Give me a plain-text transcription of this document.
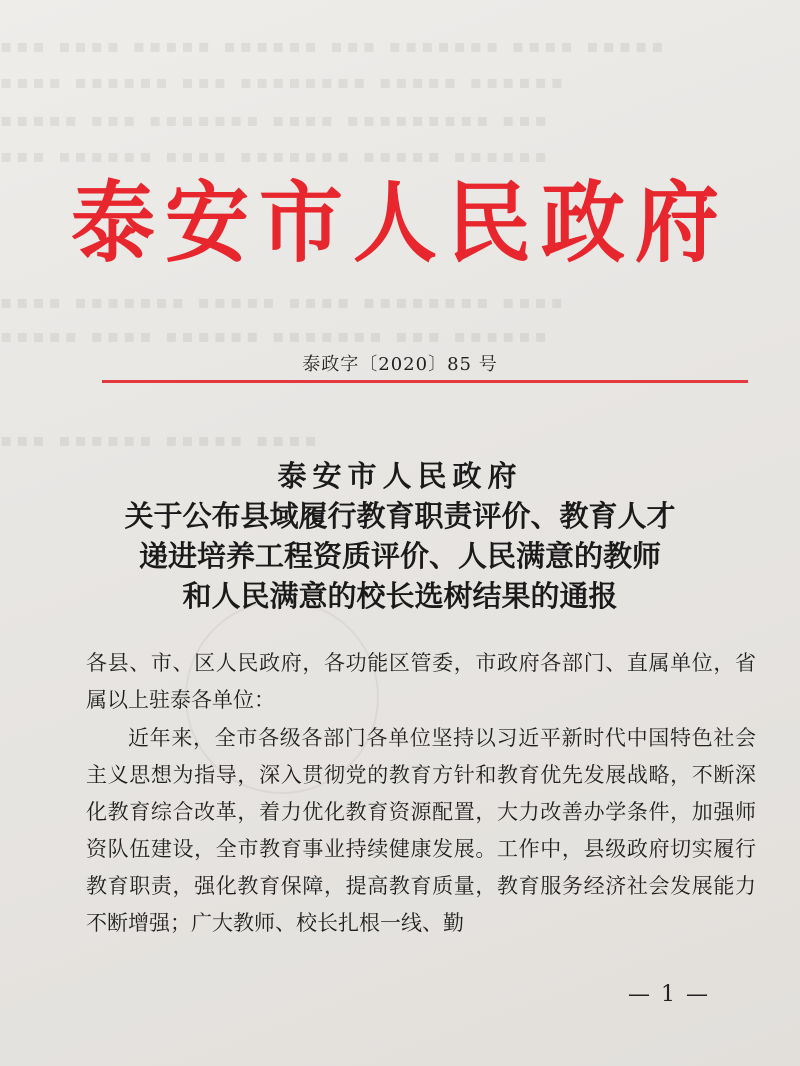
▪▪▪ ▪▪▪▪ ▪▪▪▪▪ ▪▪▪▪▪▪ ▪▪▪ ▪▪▪▪▪▪▪ ▪▪▪▪ ▪▪▪▪▪
▪▪▪▪ ▪▪▪▪▪▪ ▪▪▪ ▪▪▪▪▪▪▪▪ ▪▪▪▪▪ ▪▪▪▪▪▪
▪▪▪▪▪ ▪▪▪ ▪▪▪▪▪▪▪ ▪▪▪▪ ▪▪▪▪▪▪▪▪▪ ▪▪▪
▪▪▪ ▪▪▪▪▪▪ ▪▪▪▪ ▪▪▪▪▪▪▪ ▪▪▪▪▪ ▪▪▪▪▪▪
▪▪▪▪ ▪▪▪▪▪▪▪ ▪▪▪▪▪ ▪▪▪▪ ▪▪▪▪▪▪▪▪ ▪▪▪▪
▪▪▪▪▪ ▪▪▪▪ ▪▪▪▪▪▪ ▪▪▪▪▪▪▪ ▪▪▪ ▪▪▪▪▪▪
▪▪▪ ▪▪▪▪▪▪ ▪▪▪▪▪ ▪▪▪▪
泰安市人民政府
泰政字〔2020〕85 号
泰安市人民政府
关于公布县域履行教育职责评价、教育人才
递进培养工程资质评价、人民满意的教师
和人民满意的校长选树结果的通报

各县、市、区人民政府，各功能区管委，市政府各部门、直属单位，省属以上驻泰各单位：

近年来，全市各级各部门各单位坚持以习近平新时代中国特色社会主义思想为指导，深入贯彻党的教育方针和教育优先发展战略，不断深化教育综合改革，着力优化教育资源配置，大力改善办学条件，加强师资队伍建设，全市教育事业持续健康发展。工作中，县级政府切实履行教育职责，强化教育保障，提高教育质量，教育服务经济社会发展能力不断增强；广大教师、校长扎根一线、勤

— 1 —
